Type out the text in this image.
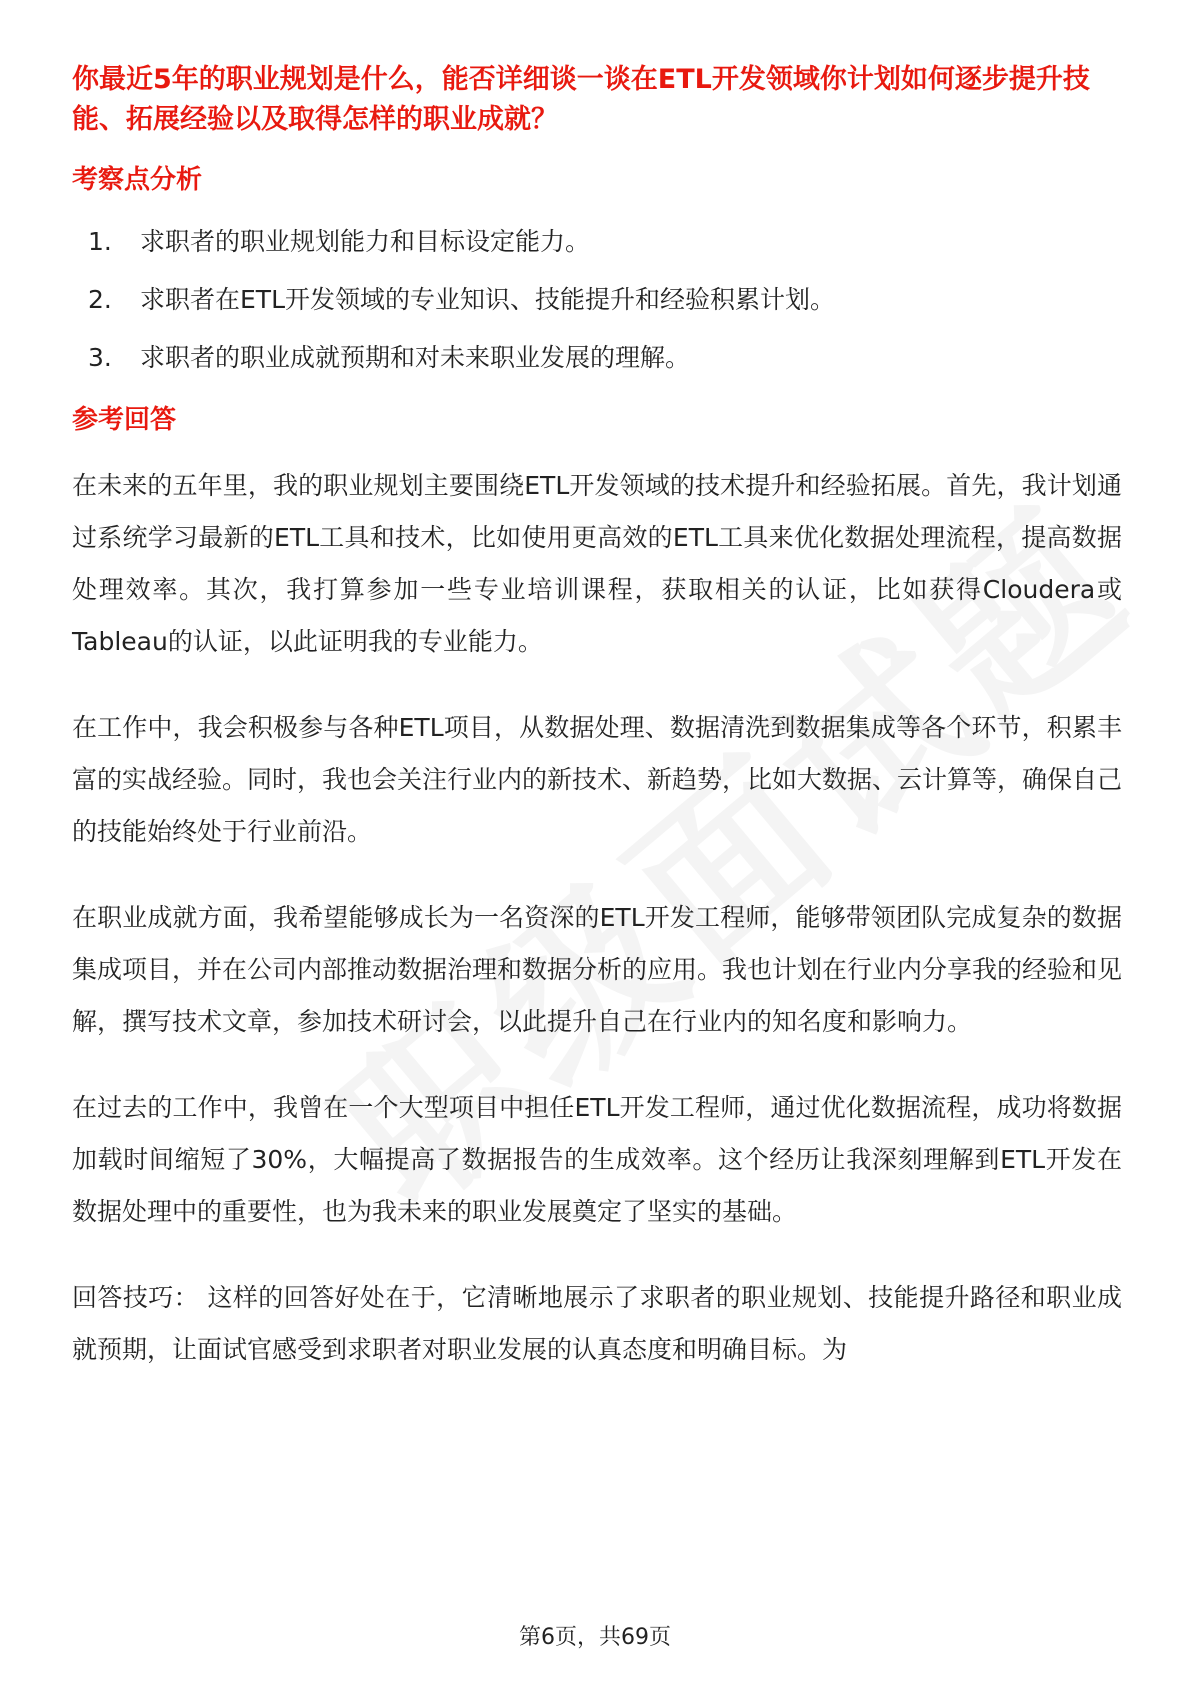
你最近5年的职业规划是什么，能否详细谈一谈在ETL开发领域你计划如何逐步提升技能、拓展经验以及取得怎样的职业成就？

考察点分析
1.	求职者的职业规划能力和目标设定能力。
2.	求职者在ETL开发领域的专业知识、技能提升和经验积累计划。
3.	求职者的职业成就预期和对未来职业发展的理解。
参考回答

在未来的五年里，我的职业规划主要围绕ETL开发领域的技术提升和经验拓展。首先，我计划通过系统学习最新的ETL工具和技术，比如使用更高效的ETL工具来优化数据处理流程，提高数据处理效率。其次，我打算参加一些专业培训课程，获取相关的认证，比如获得Cloudera或Tableau的认证，以此证明我的专业能力。

在工作中，我会积极参与各种ETL项目，从数据处理、数据清洗到数据集成等各个环节，积累丰富的实战经验。同时，我也会关注行业内的新技术、新趋势，比如大数据、云计算等，确保自己的技能始终处于行业前沿。

在职业成就方面，我希望能够成长为一名资深的ETL开发工程师，能够带领团队完成复杂的数据集成项目，并在公司内部推动数据治理和数据分析的应用。我也计划在行业内分享我的经验和见解，撰写技术文章，参加技术研讨会，以此提升自己在行业内的知名度和影响力。

在过去的工作中，我曾在一个大型项目中担任ETL开发工程师，通过优化数据流程，成功将数据加载时间缩短了30%，大幅提高了数据报告的生成效率。这个经历让我深刻理解到ETL开发在数据处理中的重要性，也为我未来的职业发展奠定了坚实的基础。

回答技巧： 这样的回答好处在于，它清晰地展示了求职者的职业规划、技能提升路径和职业成就预期，让面试官感受到求职者对职业发展的认真态度和明确目标。为

第6页，共69页
